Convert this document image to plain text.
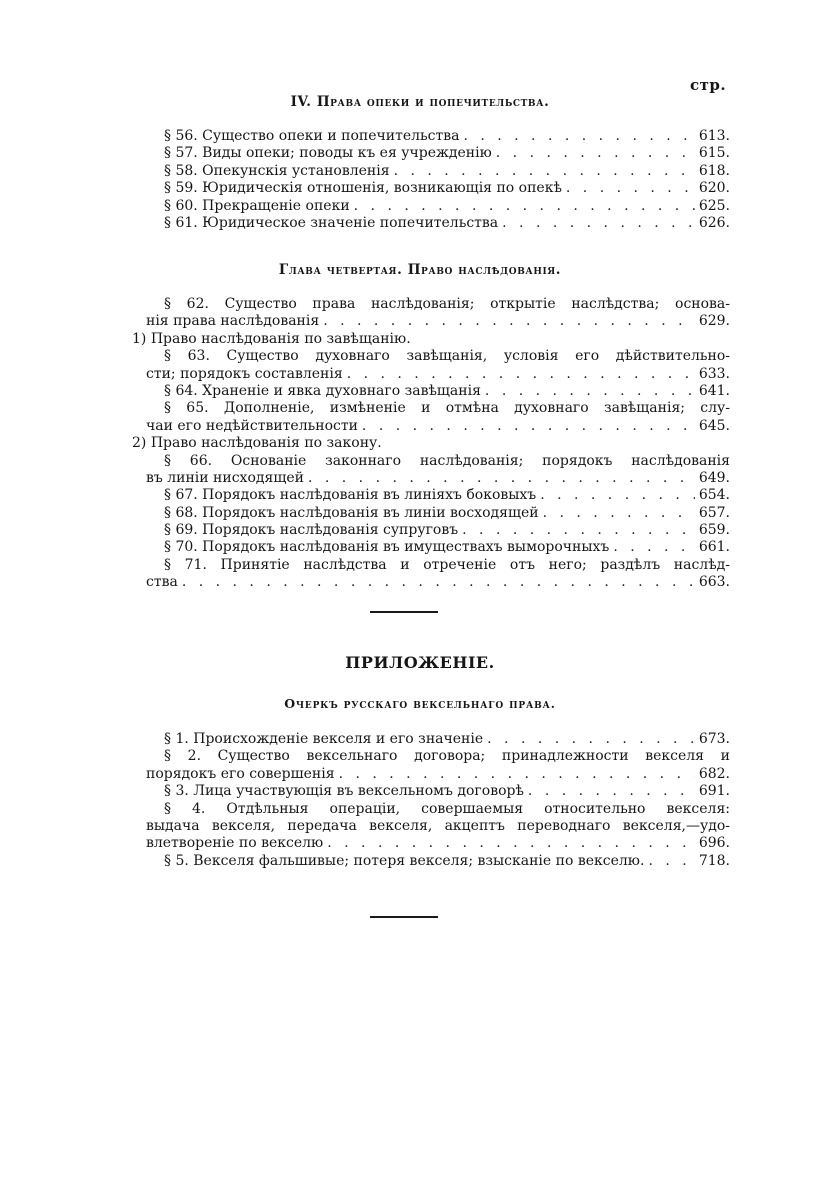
стр.
IV. Права опеки и попечительства.
§ 56. Существо опеки и попечительства . . .	613.
§ 57. Виды опеки; поводы къ ея учрежденію . . .	615.
§ 58. Опекунскія установленія . . .	618.
§ 59. Юридическія отношенія, возникающія по опекѣ . . .	620.
§ 60. Прекращеніе опеки . . .	625.
§ 61. Юридическое значеніе попечительства . . .	626.
Глава четвертая. Право наслѣдованія.
§ 62. Существо права наслѣдованія; открытіе наслѣдства; основа-
нія права наслѣдованія . . .	629.
1) Право наслѣдованія по завѣщанію.
§ 63. Существо духовнаго завѣщанія, условія его дѣйствительно-
сти; порядокъ составленія . . .	633.
§ 64. Храненіе и явка духовнаго завѣщанія . . .	641.
§ 65. Дополненіе, измѣненіе и отмѣна духовнаго завѣщанія; слу-
чаи его недѣйствительности . . .	645.
2) Право наслѣдованія по закону.
§ 66. Основаніе законнаго наслѣдованія; порядокъ наслѣдованія
въ линіи нисходящей . . .	649.
§ 67. Порядокъ наслѣдованія въ линіяхъ боковыхъ . . .	654.
§ 68. Порядокъ наслѣдованія въ линіи восходящей . . .	657.
§ 69. Порядокъ наслѣдованія супруговъ . . .	659.
§ 70. Порядокъ наслѣдованія въ имуществахъ выморочныхъ . . .	661.
§ 71. Принятіе наслѣдства и отреченіе отъ него; раздѣлъ наслѣд-
ства . . .	663.
ПРИЛОЖЕНІЕ.
Очеркъ русскаго вексельнаго права.
§ 1. Происхожденіе векселя и его значеніе . . .	673.
§ 2. Существо вексельнаго договора; принадлежности векселя и
порядокъ его совершенія . . .	682.
§ 3. Лица участвующія въ вексельномъ договорѣ . . .	691.
§ 4. Отдѣльныя операціи, совершаемыя относительно векселя:
выдача векселя, передача векселя, акцептъ переводнаго векселя,—удо-
влетвореніе по векселю . . .	696.
§ 5. Векселя фальшивые; потеря векселя; взысканіе по векселю. . . .	718.
